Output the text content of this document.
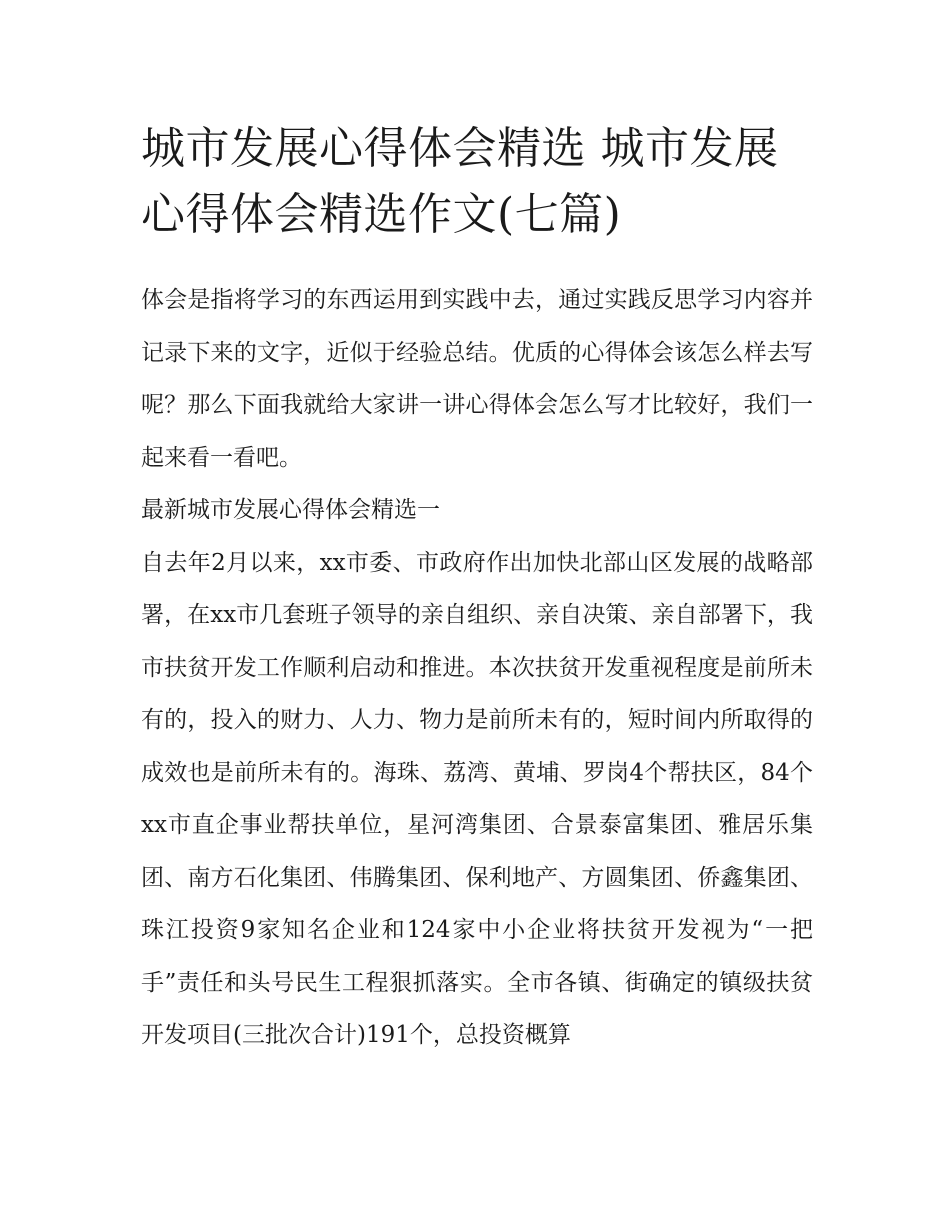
城市发展心得体会精选 城市发展心得体会精选作文(七篇)

体会是指将学习的东西运用到实践中去，通过实践反思学习内容并记录下来的文字，近似于经验总结。优质的心得体会该怎么样去写呢？那么下面我就给大家讲一讲心得体会怎么写才比较好，我们一起来看一看吧。

最新城市发展心得体会精选一

自去年2月以来，xx市委、市政府作出加快北部山区发展的战略部署，在xx市几套班子领导的亲自组织、亲自决策、亲自部署下，我市扶贫开发工作顺利启动和推进。本次扶贫开发重视程度是前所未有的，投入的财力、人力、物力是前所未有的，短时间内所取得的成效也是前所未有的。海珠、荔湾、黄埔、罗岗4个帮扶区，84个xx市直企事业帮扶单位，星河湾集团、合景泰富集团、雅居乐集团、南方石化集团、伟腾集团、保利地产、方圆集团、侨鑫集团、珠江投资9家知名企业和124家中小企业将扶贫开发视为“一把手”责任和头号民生工程狠抓落实。全市各镇、街确定的镇级扶贫开发项目(三批次合计)191个，总投资概算
